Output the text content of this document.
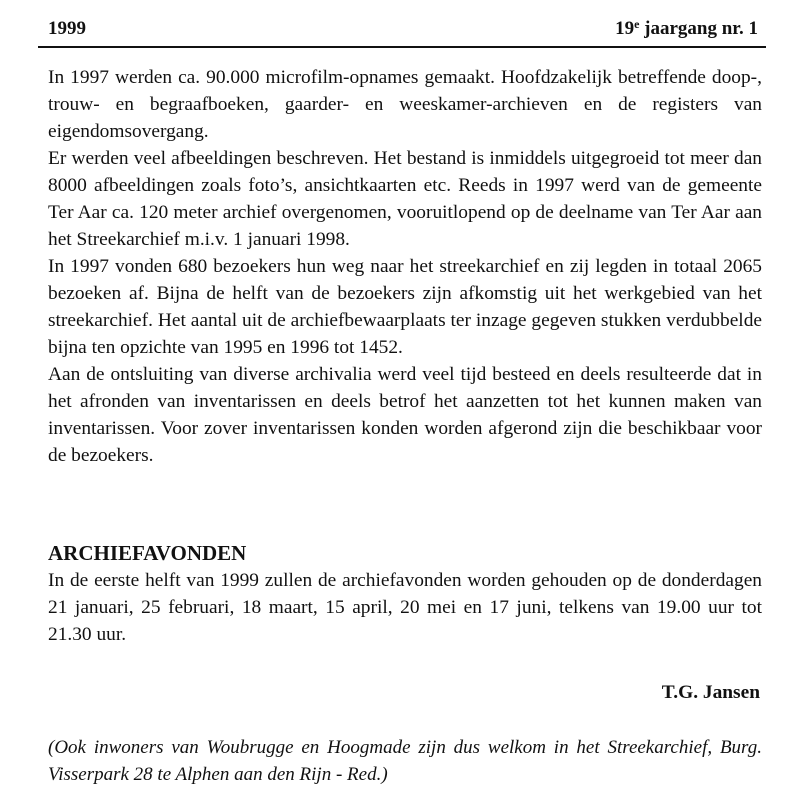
1999	19e jaargang nr. 1

In 1997 werden ca. 90.000 microfilm-opnames gemaakt. Hoofdzakelijk betreffende doop-, trouw- en begraafboeken, gaarder- en weeskamer-archieven en de registers van eigendomsovergang.

Er werden veel afbeeldingen beschreven. Het bestand is inmiddels uitgegroeid tot meer dan 8000 afbeeldingen zoals foto’s, ansichtkaarten etc. Reeds in 1997 werd van de gemeente Ter Aar ca. 120 meter archief overgenomen, vooruitlopend op de deelname van Ter Aar aan het Streekarchief m.i.v. 1 januari 1998.

In 1997 vonden 680 bezoekers hun weg naar het streekarchief en zij legden in totaal 2065 bezoeken af. Bijna de helft van de bezoekers zijn afkomstig uit het werkgebied van het streekarchief. Het aantal uit de archiefbewaarplaats ter inzage gegeven stukken verdubbelde bijna ten opzichte van 1995 en 1996 tot 1452.

Aan de ontsluiting van diverse archivalia werd veel tijd besteed en deels resulteerde dat in het afronden van inventarissen en deels betrof het aanzetten tot het kunnen maken van inventarissen. Voor zover inventarissen konden worden afgerond zijn die beschikbaar voor de bezoekers.

ARCHIEFAVONDEN

In de eerste helft van 1999 zullen de archiefavonden worden gehouden op de donderdagen 21 januari, 25 februari, 18 maart, 15 april, 20 mei en 17 juni, telkens van 19.00 uur tot 21.30 uur.

T.G. Jansen

(Ook inwoners van Woubrugge en Hoogmade zijn dus welkom in het Streekarchief, Burg. Visserpark 28 te Alphen aan den Rijn - Red.)
